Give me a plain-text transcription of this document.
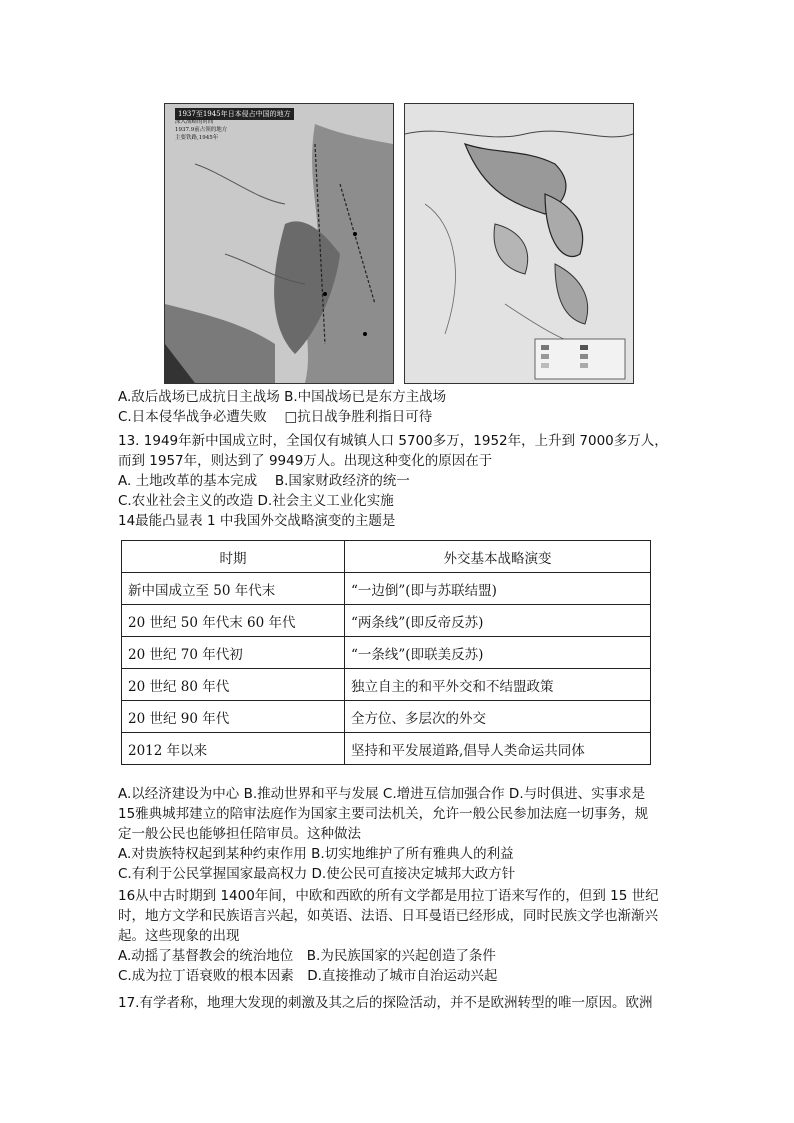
1937至1945年日本侵占中国的地方
深入战略的时间
1937.9前占领的地方
主要铁路,1945年
A.敌后战场已成抗日主战场 B.中国战场已是东方主战场
C.日本侵华战争必遭失败　 □抗日战争胜利指日可待
13. 1949年新中国成立时，全国仅有城镇人口 5700多万，1952年，上升到 7000多万人，
而到 1957年，则达到了 9949万人。出现这种变化的原因在于
A. 土地改革的基本完成　 B.国家财政经济的统一
C.农业社会主义的改造 D.社会主义工业化实施
14最能凸显表 1 中我国外交战略演变的主题是
时期	外交基本战略演变
新中国成立至 50 年代末	“一边倒”(即与苏联结盟)
20 世纪 50 年代末 60 年代	“两条线”(即反帝反苏)
20 世纪 70 年代初	“一条线”(即联美反苏)
20 世纪 80 年代	独立自主的和平外交和不结盟政策
20 世纪 90 年代	全方位、多层次的外交
2012 年以来	坚持和平发展道路,倡导人类命运共同体
A.以经济建设为中心 B.推动世界和平与发展 C.增进互信加强合作 D.与时俱进、实事求是
15雅典城邦建立的陪审法庭作为国家主要司法机关，允许一般公民参加法庭一切事务，规
定一般公民也能够担任陪审员。这种做法
A.对贵族特权起到某种约束作用 B.切实地维护了所有雅典人的利益
C.有利于公民掌握国家最高权力 D.使公民可直接决定城邦大政方针
16从中古时期到 1400年间，中欧和西欧的所有文学都是用拉丁语来写作的，但到 15 世纪
时，地方文学和民族语言兴起，如英语、法语、日耳曼语已经形成，同时民族文学也渐渐兴
起。这些现象的出现
A.动摇了基督教会的统治地位　B.为民族国家的兴起创造了条件
C.成为拉丁语衰败的根本因素　D.直接推动了城市自治运动兴起
17.有学者称，地理大发现的刺激及其之后的探险活动，并不是欧洲转型的唯一原因。欧洲
